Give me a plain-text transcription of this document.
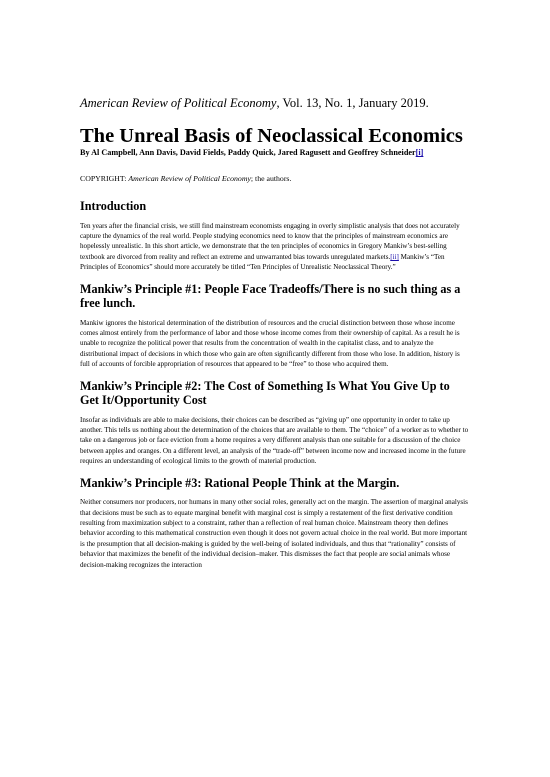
American Review of Political Economy, Vol. 13, No. 1, January 2019.

The Unreal Basis of Neoclassical Economics

By Al Campbell, Ann Davis, David Fields, Paddy Quick, Jared Ragusett and Geoffrey Schneider[i]

COPYRIGHT: American Review of Political Economy; the authors.

Introduction

Ten years after the financial crisis, we still find mainstream economists engaging in overly simplistic analysis that does not accurately capture the dynamics of the real world. People studying economics need to know that the principles of mainstream economics are hopelessly unrealistic. In this short article, we demonstrate that the ten principles of economics in Gregory Mankiw’s best-selling textbook are divorced from reality and reflect an extreme and unwarranted bias towards unregulated markets.[ii] Mankiw’s “Ten Principles of Economics” should more accurately be titled “Ten Principles of Unrealistic Neoclassical Theory.”

Mankiw’s Principle #1: People Face Tradeoffs/There is no such thing as a free lunch.

Mankiw ignores the historical determination of the distribution of resources and the crucial distinction between those whose income comes almost entirely from the performance of labor and those whose income comes from their ownership of capital. As a result he is unable to recognize the political power that results from the concentration of wealth in the capitalist class, and to analyze the distributional impact of decisions in which those who gain are often significantly different from those who lose. In addition, history is full of accounts of forcible appropriation of resources that appeared to be “free” to those who acquired them.

Mankiw’s Principle #2: The Cost of Something Is What You Give Up to Get It/Opportunity Cost

Insofar as individuals are able to make decisions, their choices can be described as “giving up” one opportunity in order to take up another. This tells us nothing about the determination of the choices that are available to them. The “choice” of a worker as to whether to take on a dangerous job or face eviction from a home requires a very different analysis than one suitable for a discussion of the choice between apples and oranges. On a different level, an analysis of the “trade-off” between income now and increased income in the future requires an understanding of ecological limits to the growth of material production.

Mankiw’s Principle #3: Rational People Think at the Margin.

Neither consumers nor producers, nor humans in many other social roles, generally act on the margin. The assertion of marginal analysis that decisions must be such as to equate marginal benefit with marginal cost is simply a restatement of the first derivative condition resulting from maximization subject to a constraint, rather than a reflection of real human choice. Mainstream theory then defines behavior according to this mathematical construction even though it does not govern actual choice in the real world. But more important is the presumption that all decision-making is guided by the well-being of isolated individuals, and thus that “rationality” consists of behavior that maximizes the benefit of the individual decision–maker. This dismisses the fact that people are social animals whose decision-making recognizes the interaction
